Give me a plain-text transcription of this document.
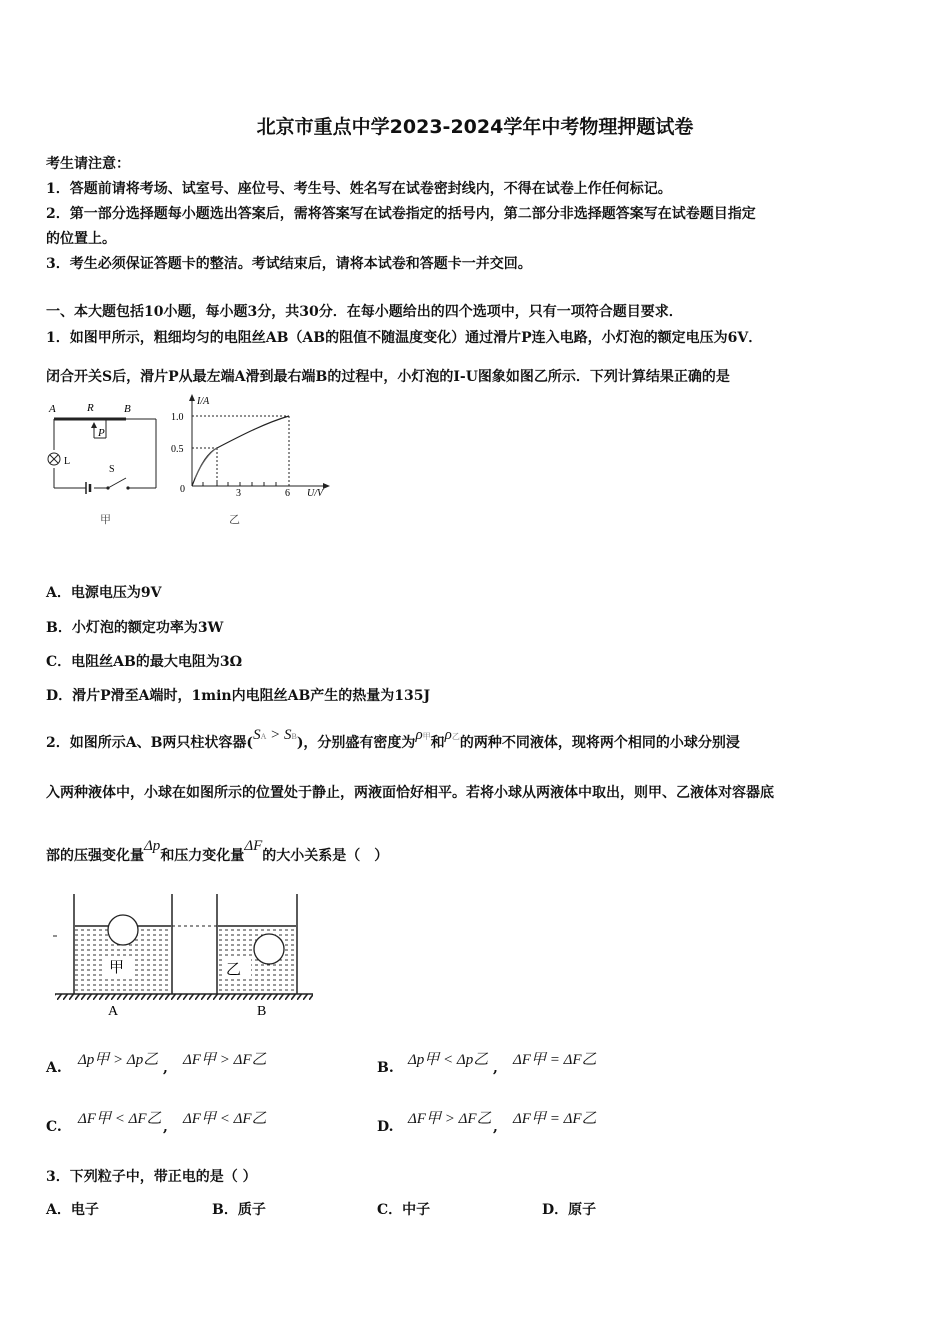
北京市重点中学2023-2024学年中考物理押题试卷
考生请注意：
1．答题前请将考场、试室号、座位号、考生号、姓名写在试卷密封线内，不得在试卷上作任何标记。
2．第一部分选择题每小题选出答案后，需将答案写在试卷指定的括号内，第二部分非选择题答案写在试卷题目指定
的位置上。
3．考生必须保证答题卡的整洁。考试结束后，请将本试卷和答题卡一并交回。
一、本大题包括10小题，每小题3分，共30分．在每小题给出的四个选项中，只有一项符合题目要求．
1．如图甲所示，粗细均匀的电阻丝AB（AB的阻值不随温度变化）通过滑片P连入电路，小灯泡的额定电压为6V．
闭合开关S后，滑片P从最左端A滑到最右端B的过程中，小灯泡的I-U图象如图乙所示．下列计算结果正确的是
A	R	B
P
L
S
甲
I/A
1.0
0.5
0	3	6 U/V
乙
A．电源电压为9V
B．小灯泡的额定功率为3W
C．电阻丝AB的最大电阻为3Ω
D．滑片P滑至A端时，1min内电阻丝AB产生的热量为135J
2．如图所示A、B两只柱状容器(SA > SB)，分别盛有密度为ρ甲和ρ乙的两种不同液体，现将两个相同的小球分别浸
入两种液体中，小球在如图所示的位置处于静止，两液面恰好相平。若将小球从两液体中取出，则甲、乙液体对容器底
部的压强变化量Δp和压力变化量ΔF的大小关系是（　）
甲	乙
A	B
A. Δp甲 > Δp乙 , ΔF甲 > ΔF乙	B. Δp甲 < Δp乙 , ΔF甲 = ΔF乙
C. ΔF甲 < ΔF乙 , ΔF甲 < ΔF乙	D. ΔF甲 > ΔF乙 , ΔF甲 = ΔF乙
3．下列粒子中，带正电的是（ ）
A．电子	B．质子	C．中子	D．原子
